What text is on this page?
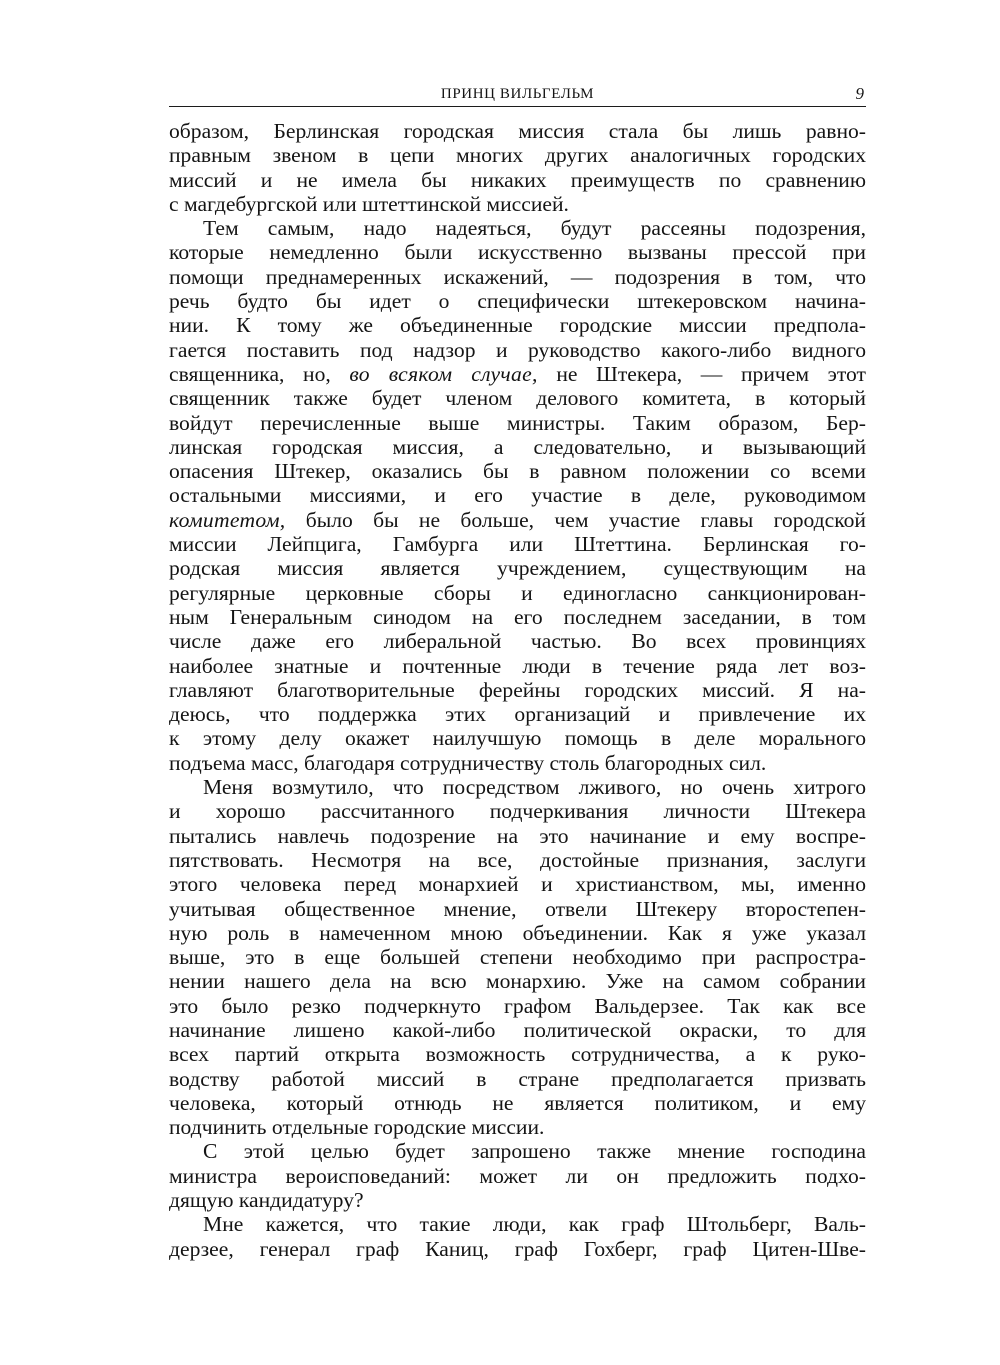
ПРИНЦ ВИЛЬГЕЛЬМ	9

образом, Берлинская городская миссия стала бы лишь равно-

правным звеном в цепи многих других аналогичных городских

миссий и не имела бы никаких преимуществ по сравнению

с магдебургской или штеттинской миссией.

Тем самым, надо надеяться, будут рассеяны подозрения,

которые немедленно были искусственно вызваны прессой при

помощи преднамеренных искажений, — подозрения в том, что

речь будто бы идет о специфически штекеровском начина-

нии. К тому же объединенные городские миссии предпола-

гается поставить под надзор и руководство какого-либо видного

священника, но, во всяком случае, не Штекера, — причем этот

священник также будет членом делового комитета, в который

войдут перечисленные выше министры. Таким образом, Бер-

линская городская миссия, а следовательно, и вызывающий

опасения Штекер, оказались бы в равном положении со всеми

остальными миссиями, и его участие в деле, руководимом

комитетом, было бы не больше, чем участие главы городской

миссии Лейпцига, Гамбурга или Штеттина. Берлинская го-

родская миссия является учреждением, существующим на

регулярные церковные сборы и единогласно санкционирован-

ным Генеральным синодом на его последнем заседании, в том

числе даже его либеральной частью. Во всех провинциях

наиболее знатные и почтенные люди в течение ряда лет воз-

главляют благотворительные ферейны городских миссий. Я на-

деюсь, что поддержка этих организаций и привлечение их

к этому делу окажет наилучшую помощь в деле морального

подъема масс, благодаря сотрудничеству столь благородных сил.

Меня возмутило, что посредством лживого, но очень хитрого

и хорошо рассчитанного подчеркивания личности Штекера

пытались навлечь подозрение на это начинание и ему воспре-

пятствовать. Несмотря на все, достойные признания, заслуги

этого человека перед монархией и христианством, мы, именно

учитывая общественное мнение, отвели Штекеру второстепен-

ную роль в намеченном мною объединении. Как я уже указал

выше, это в еще большей степени необходимо при распростра-

нении нашего дела на всю монархию. Уже на самом собрании

это было резко подчеркнуто графом Вальдерзее. Так как все

начинание лишено какой-либо политической окраски, то для

всех партий открыта возможность сотрудничества, а к руко-

водству работой миссий в стране предполагается призвать

человека, который отнюдь не является политиком, и ему

подчинить отдельные городские миссии.

С этой целью будет запрошено также мнение господина

министра вероисповеданий: может ли он предложить подхо-

дящую кандидатуру?

Мне кажется, что такие люди, как граф Штольберг, Валь-

дерзее, генерал граф Каниц, граф Гохберг, граф Цитен-Шве-
